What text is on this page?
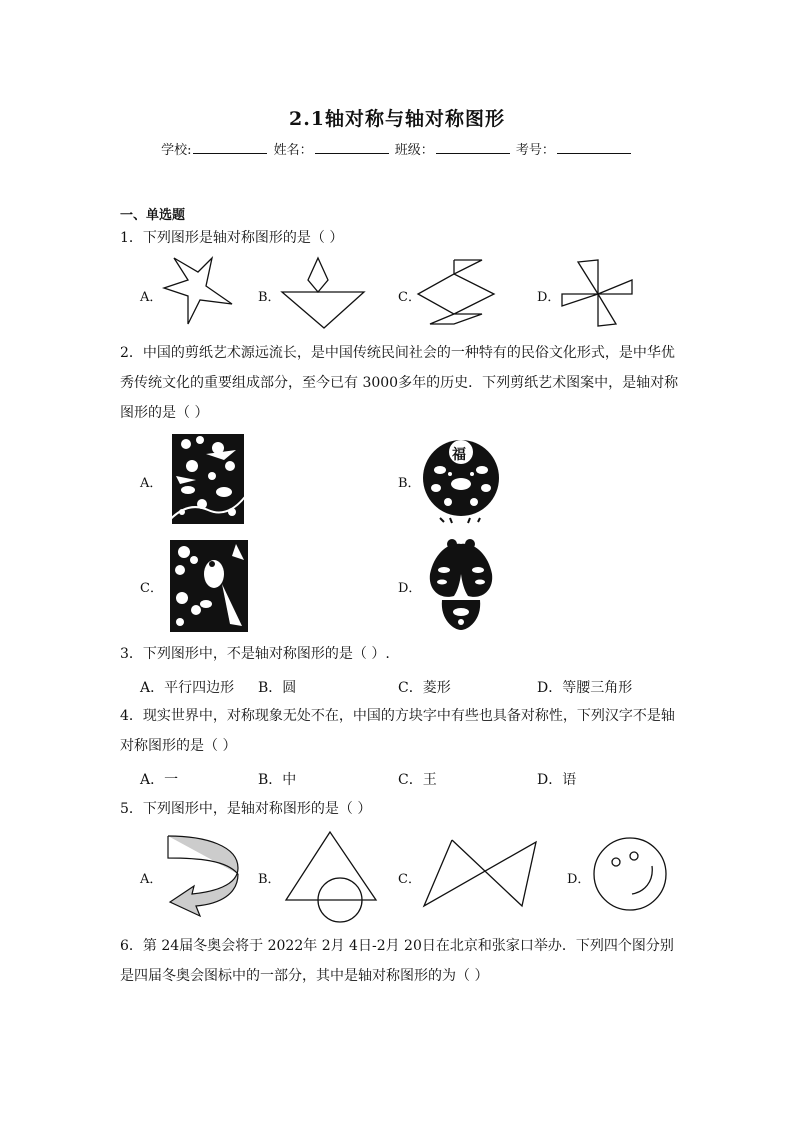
2.1轴对称与轴对称图形
学校:	姓名：	班级：	考号：
一、单选题
1．下列图形是轴对称图形的是（ ）
A．	B．	C．	D．
2．中国的剪纸艺术源远流长，是中国传统民间社会的一种特有的民俗文化形式，是中华优
秀传统文化的重要组成部分，至今已有 3000多年的历史．下列剪纸艺术图案中，是轴对称
图形的是（ ）
A．	B．
C．	D．
福
3．下列图形中，不是轴对称图形的是（ ）.
A．平行四边形 B．圆	C．菱形	D．等腰三角形
4．现实世界中，对称现象无处不在，中国的方块字中有些也具备对称性，下列汉字不是轴
对称图形的是（ ）
A．一	B．中	C．王	D．语
5．下列图形中，是轴对称图形的是（ ）
A．	B．	C．	D．
6．第 24届冬奥会将于 2022年 2月 4日-2月 20日在北京和张家口举办．下列四个图分别
是四届冬奥会图标中的一部分，其中是轴对称图形的为（ ）
